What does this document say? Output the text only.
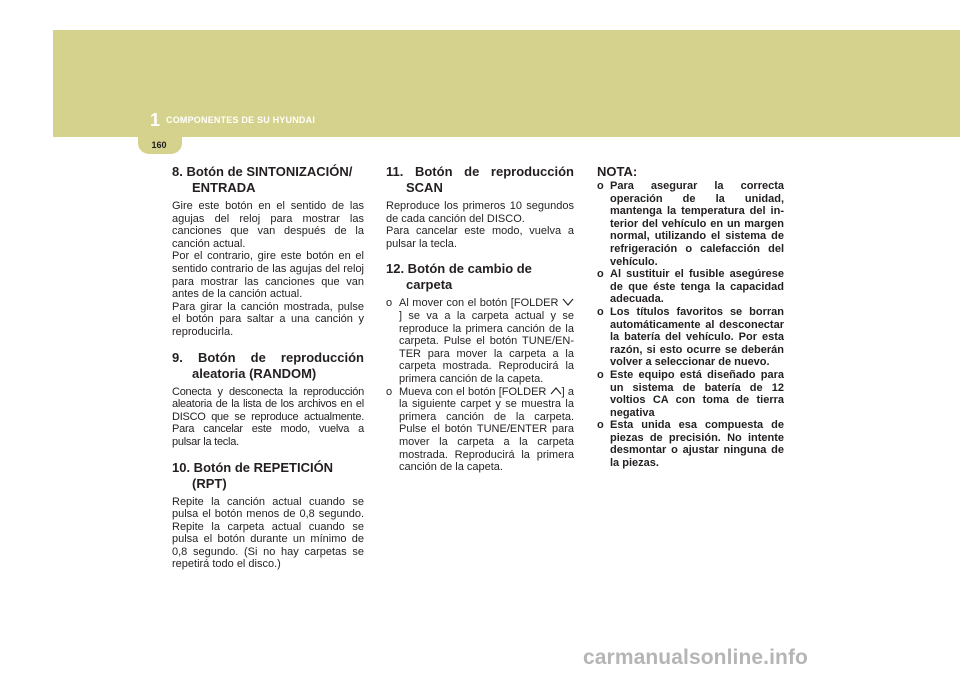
1 COMPONENTES DE SU HYUNDAI
160
8. Botón de SINTONIZACIÓN/ ENTRADA

Gire este botón en el sentido de las agujas del reloj para mostrar las canciones que van después de la canción actual.
Por el contrario, gire este botón en el sentido contrario de las agujas del reloj para mostrar las canciones que van antes de la canción actual.
Para girar la canción mostrada, pulse el botón para saltar a una canción y reproducirla.

9. Botón de reproducción aleatoria (RANDOM)

Conecta y desconecta la reproducción aleatoria de la lista de los archivos en el DISCO que se reproduce actualmente. Para cancelar este modo, vuelva a pulsar la tecla.

10. Botón de REPETICIÓN (RPT)

Repite la canción actual cuando se pulsa el botón menos de 0,8 segundo. Repite la carpeta actual cuando se pulsa el botón durante un mínimo de 0,8 segundo. (Si no hay carpetas se repetirá todo el disco.)

11. Botón de reproducción SCAN

Reproduce los primeros 10 segundos de cada canción del DISCO.
Para cancelar este modo, vuelva a pulsar la tecla.

12. Botón de cambio de carpeta
o Al mover con el botón [FOLDER ] se va a la carpeta actual y se reproduce la primera canción de la carpeta. Pulse el botón TUNE/EN-TER para mover la carpeta a la carpeta mostrada. Reproducirá la primera canción de la capeta.
o Mueva con el botón [FOLDER ] a la siguiente carpet y se muestra la primera canción de la carpeta. Pulse el botón TUNE/ENTER para mover la carpeta a la carpeta mostrada. Reproducirá la primera canción de la capeta.
NOTA:
o Para asegurar la correcta operación de la unidad, mantenga la temperatura del in-terior del vehículo en un margen normal, utilizando el sistema de refrigeración o calefacción del vehículo.
o Al sustituir el fusible asegúrese de que éste tenga la capacidad adecuada.
o Los títulos favoritos se borran automáticamente al desconectar la batería del vehículo. Por esta razón, si esto ocurre se deberán volver a seleccionar de nuevo.
o Este equipo está diseñado para un sistema de batería de 12 voltios CA con toma de tierra negativa
o Esta unida esa compuesta de piezas de precisión. No intente desmontar o ajustar ninguna de la piezas.
carmanualsonline.info
